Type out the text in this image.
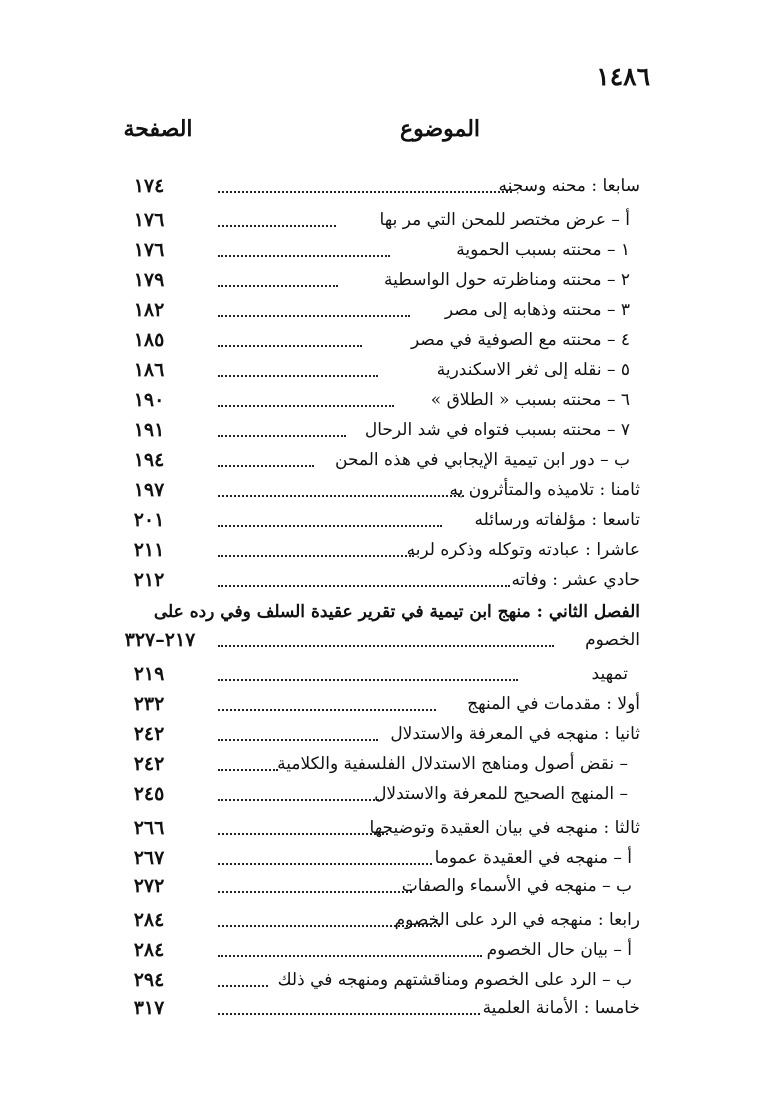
١٤٨٦
الموضوع
الصفحة
الفصل الثاني : منهج ابن تيمية في تقرير عقيدة السلف وفي رده على
سابعا : محنه وسجنه
١٧٤
أ – عرض مختصر للمحن التي مر بها
١٧٦
١ – محنته بسبب الحموية
١٧٦
٢ – محنته ومناظرته حول الواسطية
١٧٩
٣ – محنته وذهابه إلى مصر
١٨٢
٤ – محنته مع الصوفية في مصر
١٨٥
٥ – نقله إلى ثغر الاسكندرية
١٨٦
٦ – محنته بسبب « الطلاق »
١٩٠
٧ – محنته بسبب فتواه في شد الرحال
١٩١
ب – دور ابن تيمية الإيجابي في هذه المحن
١٩٤
ثامنا : تلاميذه والمتأثرون به
١٩٧
تاسعا : مؤلفاته ورسائله
٢٠١
عاشرا : عبادته وتوكله وذكره لربه
٢١١
حادي عشر : وفاته
٢١٢
الخصوم
٢١٧–٣٢٧
تمهيد
٢١٩
أولا : مقدمات في المنهج
٢٣٢
ثانيا : منهجه في المعرفة والاستدلال
٢٤٢
– نقض أصول ومناهج الاستدلال الفلسفية والكلامية
٢٤٢
– المنهج الصحيح للمعرفة والاستدلال
٢٤٥
ثالثا : منهجه في بيان العقيدة وتوضيحها
٢٦٦
أ – منهجه في العقيدة عموما
٢٦٧
ب – منهجه في الأسماء والصفات
٢٧٢
رابعا : منهجه في الرد على الخصوم
٢٨٤
أ – بيان حال الخصوم
٢٨٤
ب – الرد على الخصوم ومناقشتهم ومنهجه في ذلك
٢٩٤
خامسا : الأمانة العلمية
٣١٧
